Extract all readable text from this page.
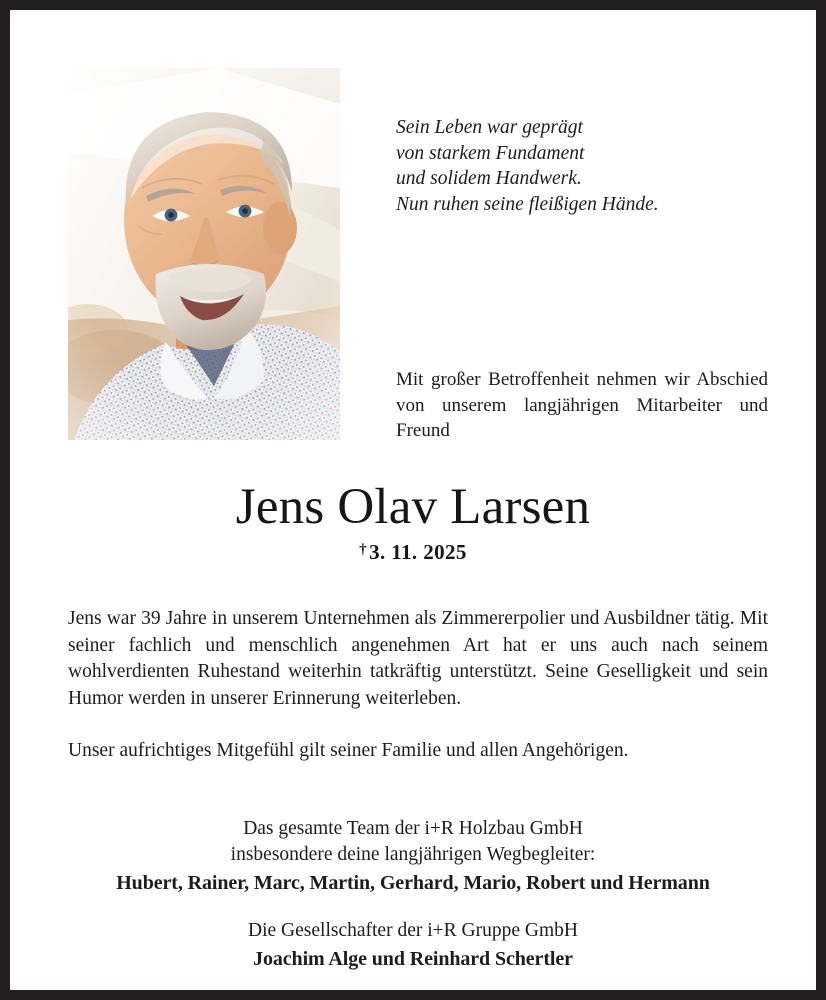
Sein Leben war geprägt
von starkem Fundament
und solidem Handwerk.
Nun ruhen seine fleißigen Hände.
Mit großer Betroffenheit nehmen wir Abschied von unserem langjährigen Mitarbeiter und Freund
Jens Olav Larsen
†3. 11. 2025

Jens war 39 Jahre in unserem Unternehmen als Zimmererpolier und Ausbildner tätig. Mit seiner fachlich und menschlich angenehmen Art hat er uns auch nach seinem wohlverdienten Ruhestand weiterhin tatkräftig unterstützt. Seine Geselligkeit und sein Humor werden in unserer Erinnerung weiterleben.

Unser aufrichtiges Mitgefühl gilt seiner Familie und allen Angehörigen.

Das gesamte Team der i+R Holzbau GmbH
insbesondere deine langjährigen Wegbegleiter:
Hubert, Rainer, Marc, Martin, Gerhard, Mario, Robert und Hermann
Die Gesellschafter der i+R Gruppe GmbH
Joachim Alge und Reinhard Schertler
